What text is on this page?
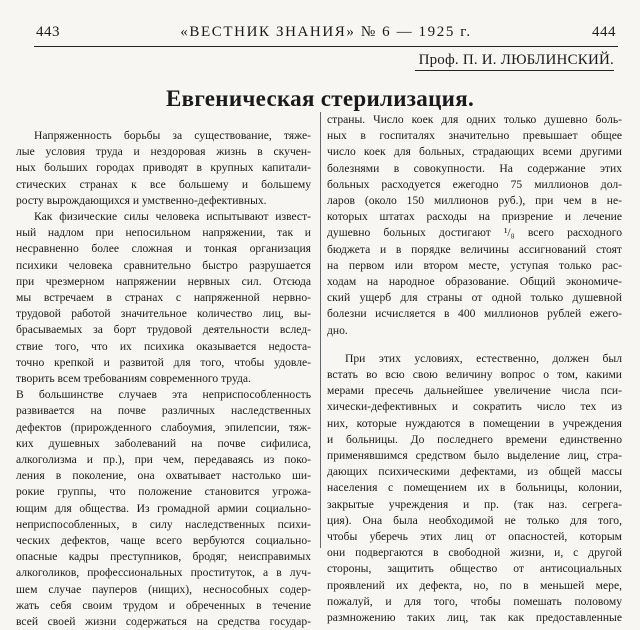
443	«ВЕСТНИК ЗНАНИЯ» № 6 — 1925 г.	444
Проф. П. И. ЛЮБЛИНСКИЙ.
Евгеническая стерилизация.
Напряженность борьбы за существование, тяже-
лые условия труда и нездоровая жизнь в скучен-
ных больших городах приводят в крупных капитали-
стических странах к все большему и большему
росту вырождающихся и умственно-дефективных.
Как физические силы человека испытывают извест-
ный надлом при непосильном напряжении, так и
несравненно более сложная и тонкая организация
психики человека сравнительно быстро разрушается
при чрезмерном напряжении нервных сил. Отсюда
мы встречаем в странах с напряженной нервно-
трудовой работой значительное количество лиц, вы-
брасываемых за борт трудовой деятельности вслед-
ствие того, что их психика оказывается недоста-
точно крепкой и развитой для того, чтобы удовле-
творить всем требованиям современного труда.
В большинстве случаев эта неприспособленность
развивается на почве различных наследственных
дефектов (прирожденного слабоумия, эпилепсии, тяж-
ких душевных заболеваний на почве сифилиса,
алкоголизма и пр.), при чем, передаваясь из поко-
ления в поколение, она охватывает настолько ши-
рокие группы, что положение становится угрожа-
ющим для общества. Из громадной армии социально-
неприспособленных, в силу наследственных психи-
ческих дефектов, чаще всего вербуются социально-
опасные кадры преступников, бродяг, неисправимых
алкоголиков, профессиональных проституток, а в луч-
шем случае пауперов (нищих), неснособных содер-
жать себя своим трудом и обреченных в течение
всей своей жизни содержаться на средства государ-
страны. Число коек для одних только душевно боль-
ных в госпиталях значительно превышает общее
число коек для больных, страдающих всеми другими
болезнями в совокупности. На содержание этих
больных расходуется ежегодно 75 миллионов дол-
ларов (около 150 миллионов руб.), при чем в не-
которых штатах расходы на призрение и лечение
душевно больных достигают ¹/₈ всего расходного
бюджета и в порядке величины ассигнований стоят
на первом или втором месте, уступая только рас-
ходам на народное образование. Общий экономиче-
ский ущерб для страны от одной только душевной
болезни исчисляется в 400 миллионов рублей ежего-
дно.
При этих условиях, естественно, должен был
встать во всю свою величину вопрос о том, какими
мерами пресечь дальнейшее увеличение числа пси-
хически-дефективных и сократить число тех из
них, которые нуждаются в помещении в учреждения
и больницы. До последнего времени единственно
применявшимся средством было выделение лиц, стра-
дающих психическими дефектами, из общей массы
населения с помещением их в больницы, колонии,
закрытые учреждения и пр. (так наз. сегрега-
ция). Она была необходимой не только для того,
чтобы уберечь этих лиц от опасностей, которым
они подвергаются в свободной жизни, и, с другой
стороны, защитить общество от антисоциальных
проявлений их дефекта, но, по в меньшей мере,
пожалуй, и для того, чтобы помешать половому
размножению таких лиц, так как предоставленные
